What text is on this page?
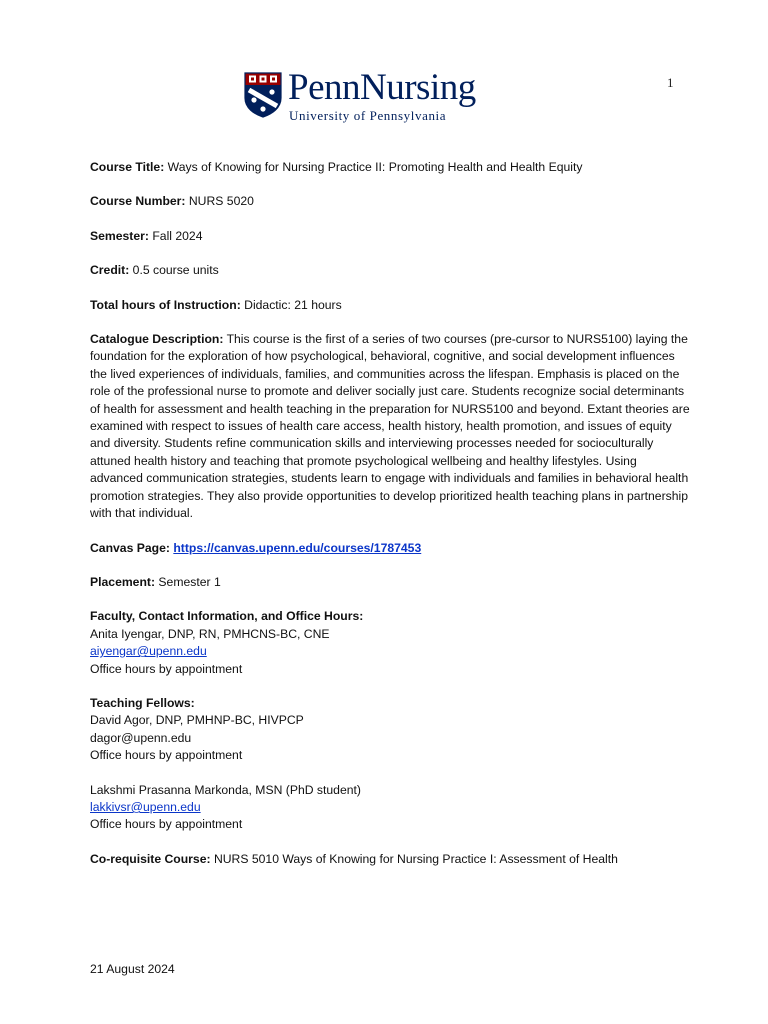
1
PennNursing
University of Pennsylvania
Course Title: Ways of Knowing for Nursing Practice II: Promoting Health and Health Equity
Course Number: NURS 5020
Semester: Fall 2024
Credit: 0.5 course units
Total hours of Instruction: Didactic: 21 hours
Catalogue Description: This course is the first of a series of two courses (pre-cursor to NURS5100) laying the foundation for the exploration of how psychological, behavioral, cognitive, and social development influences the lived experiences of individuals, families, and communities across the lifespan. Emphasis is placed on the role of the professional nurse to promote and deliver socially just care. Students recognize social determinants of health for assessment and health teaching in the preparation for NURS5100 and beyond. Extant theories are examined with respect to issues of health care access, health history, health promotion, and issues of equity and diversity. Students refine communication skills and interviewing processes needed for socioculturally attuned health history and teaching that promote psychological wellbeing and healthy lifestyles. Using advanced communication strategies, students learn to engage with individuals and families in behavioral health promotion strategies. They also provide opportunities to develop prioritized health teaching plans in partnership with that individual.
Canvas Page: https://canvas.upenn.edu/courses/1787453
Placement: Semester 1
Faculty, Contact Information, and Office Hours:
Anita Iyengar, DNP, RN, PMHCNS-BC, CNE
aiyengar@upenn.edu
Office hours by appointment
Teaching Fellows:
David Agor, DNP, PMHNP-BC, HIVPCP
dagor@upenn.edu
Office hours by appointment
Lakshmi Prasanna Markonda, MSN (PhD student)
lakkivsr@upenn.edu
Office hours by appointment
Co-requisite Course: NURS 5010 Ways of Knowing for Nursing Practice I: Assessment of Health
21 August 2024
